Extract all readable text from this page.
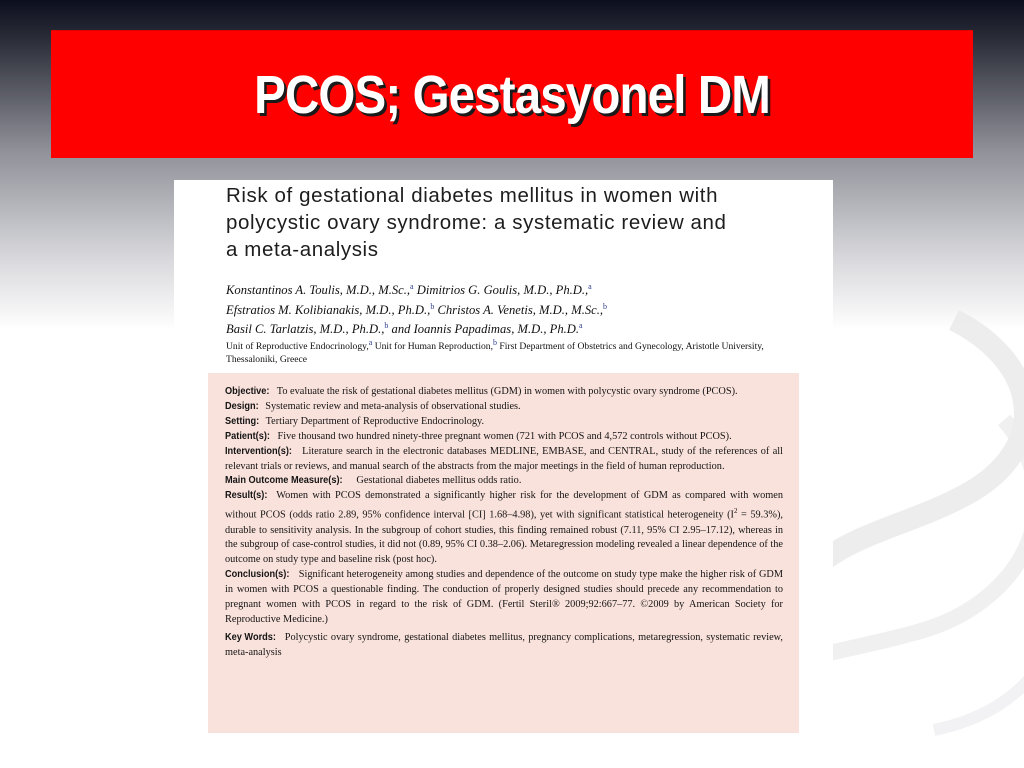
PCOS; Gestasyonel DM
Risk of gestational diabetes mellitus in women with
polycystic ovary syndrome: a systematic review and
a meta-analysis
Konstantinos A. Toulis, M.D., M.Sc.,$^a$ Dimitrios G. Goulis, M.D., Ph.D.,$^a$
Efstratios M. Kolibianakis, M.D., Ph.D.,$^b$ Christos A. Venetis, M.D., M.Sc.,$^b$
Basil C. Tarlatzis, M.D., Ph.D.,$^b$ and Ioannis Papadimas, M.D., Ph.D.$^a$
Unit of Reproductive Endocrinology,$^a$ Unit for Human Reproduction,$^b$ First Department of Obstetrics and Gynecology, Aristotle University, Thessaloniki, Greece

Objective: To evaluate the risk of gestational diabetes mellitus (GDM) in women with polycystic ovary syndrome (PCOS).

Design: Systematic review and meta-analysis of observational studies.

Setting: Tertiary Department of Reproductive Endocrinology.

Patient(s): Five thousand two hundred ninety-three pregnant women (721 with PCOS and 4,572 controls without PCOS).

Intervention(s): Literature search in the electronic databases MEDLINE, EMBASE, and CENTRAL, study of the references of all relevant trials or reviews, and manual search of the abstracts from the major meetings in the field of human reproduction.

Main Outcome Measure(s): Gestational diabetes mellitus odds ratio.

Result(s): Women with PCOS demonstrated a significantly higher risk for the development of GDM as compared with women without PCOS (odds ratio 2.89, 95% confidence interval [CI] 1.68–4.98), yet with significant statistical heterogeneity $(I^2 = 59.3\%)$, durable to sensitivity analysis. In the subgroup of cohort studies, this finding remained robust (7.11, 95% CI 2.95–17.12), whereas in the subgroup of case-control studies, it did not (0.89, 95% CI 0.38–2.06). Metaregression modeling revealed a linear dependence of the outcome on study type and baseline risk (post hoc).

Conclusion(s): Significant heterogeneity among studies and dependence of the outcome on study type make the higher risk of GDM in women with PCOS a questionable finding. The conduction of properly designed studies should precede any recommendation to pregnant women with PCOS in regard to the risk of GDM. (Fertil Steril® 2009;92:667–77. ©2009 by American Society for Reproductive Medicine.)

Key Words: Polycystic ovary syndrome, gestational diabetes mellitus, pregnancy complications, metaregression, systematic review, meta-analysis
